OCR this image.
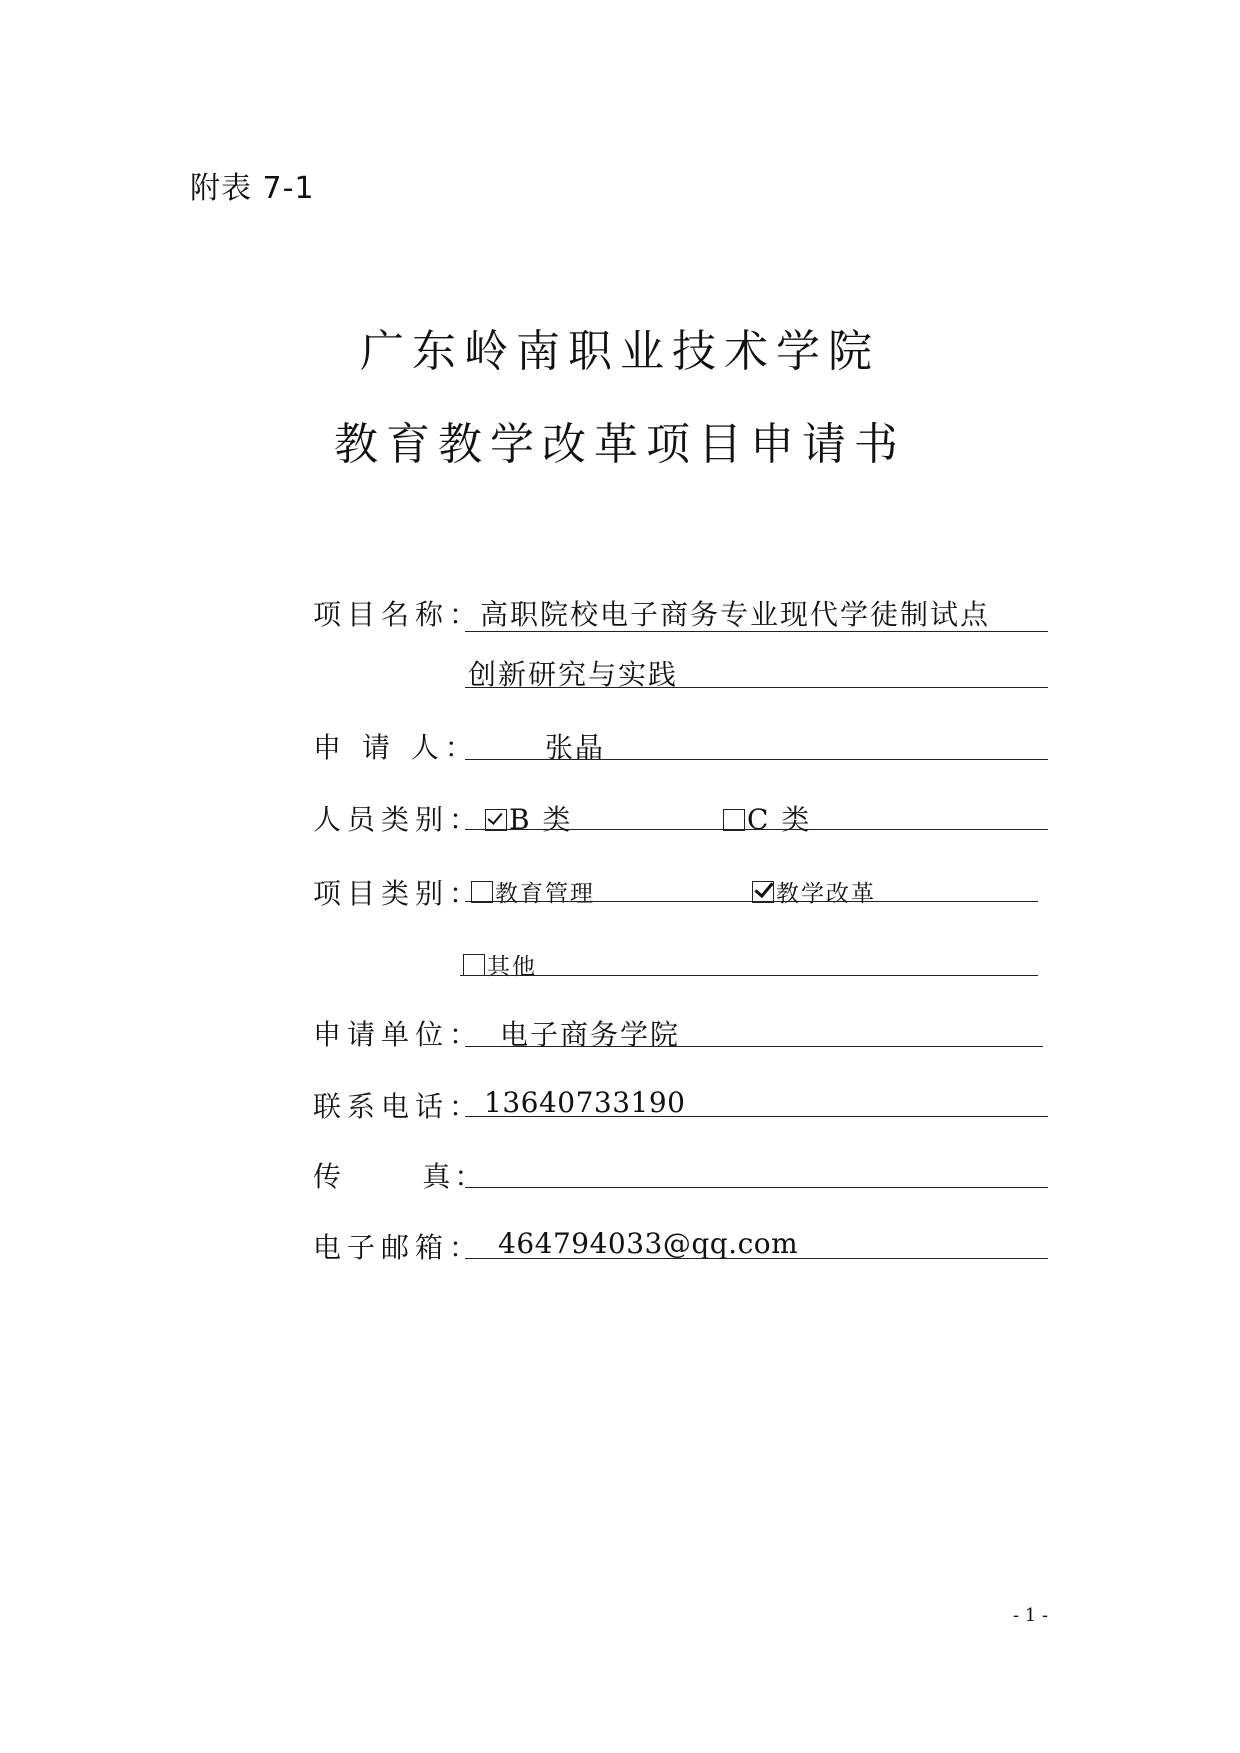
附表 7-1
广东岭南职业技术学院
教育教学改革项目申请书
项目名称：
高职院校电子商务专业现代学徒制试点
创新研究与实践
申 请 人： 张晶
人员类别： B 类	C 类
项目类别： 教育管理	教学改革
其他
申请单位： 电子商务学院
联系电话： 13640733190
传      真：
电子邮箱： 464794033@qq.com
- 1 -
